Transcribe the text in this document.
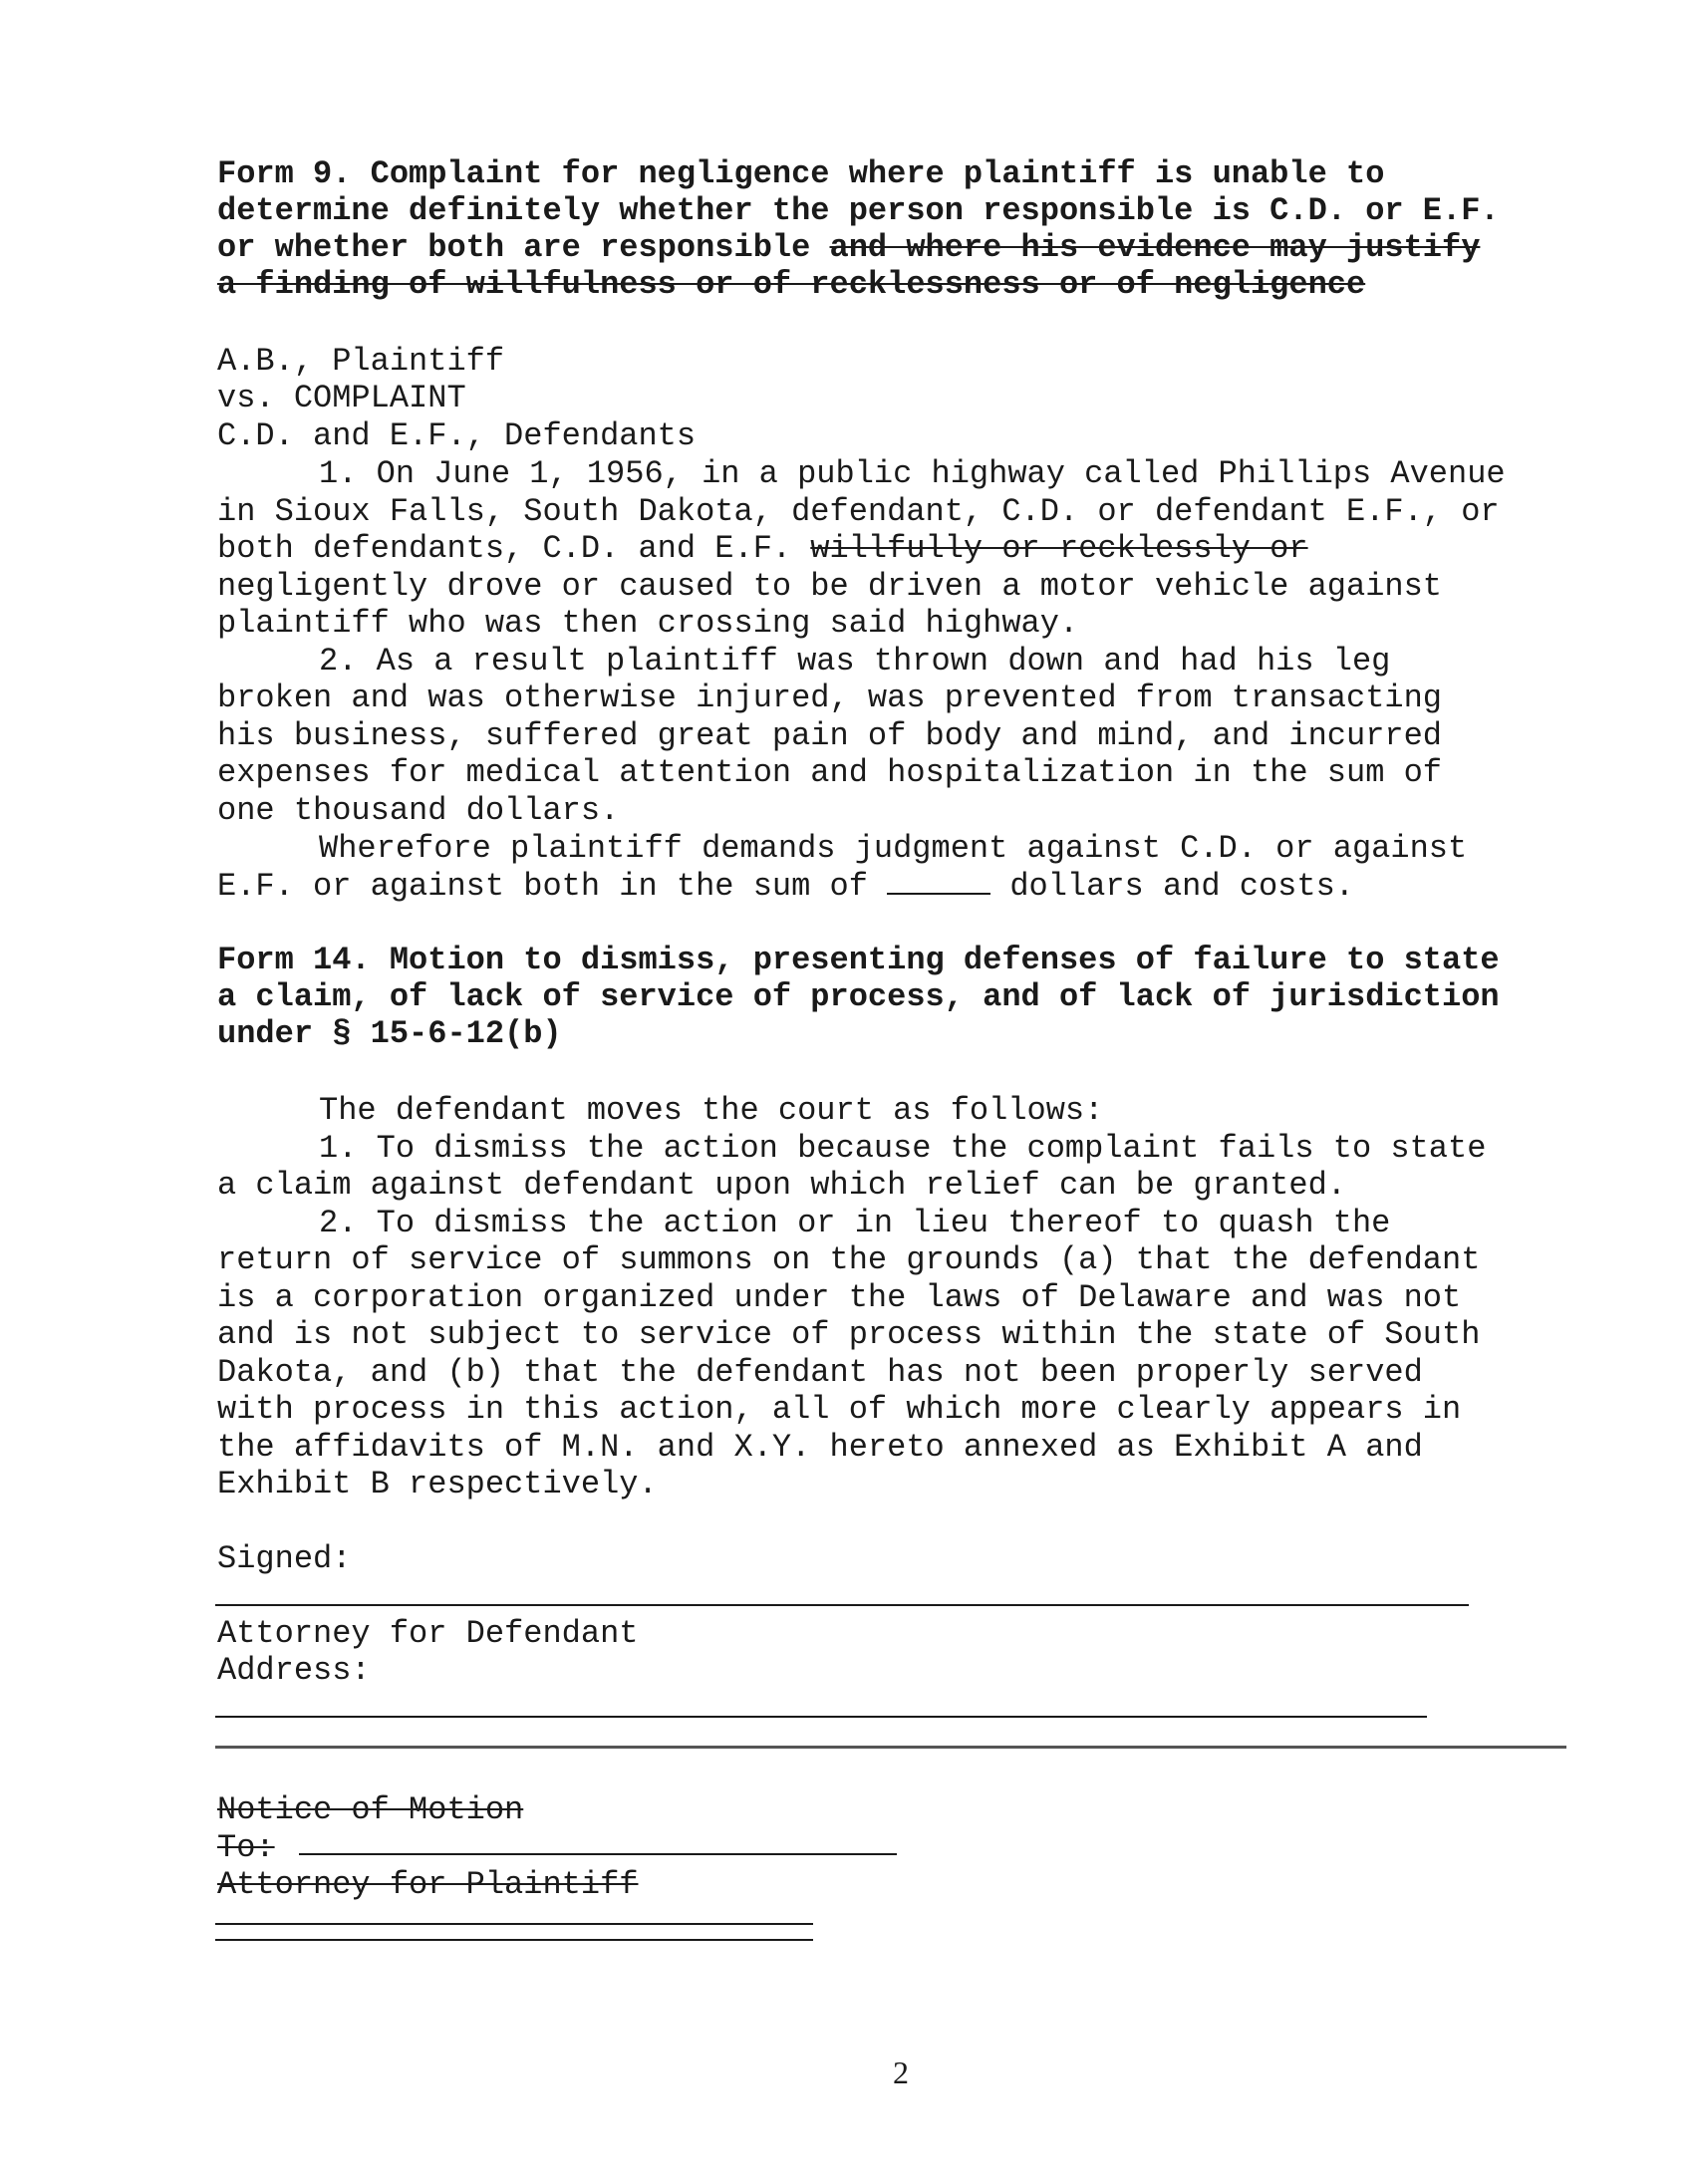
Form 9. Complaint for negligence where plaintiff is unable to

determine definitely whether the person responsible is C.D. or E.F.

or whether both are responsible and where his evidence may justify

a finding of willfulness or of recklessness or of negligence

A.B., Plaintiff

vs. COMPLAINT

C.D. and E.F., Defendants

1. On June 1, 1956, in a public highway called Phillips Avenue

in Sioux Falls, South Dakota, defendant, C.D. or defendant E.F., or

both defendants, C.D. and E.F. willfully or recklessly or

negligently drove or caused to be driven a motor vehicle against

plaintiff who was then crossing said highway.

2. As a result plaintiff was thrown down and had his leg

broken and was otherwise injured, was prevented from transacting

his business, suffered great pain of body and mind, and incurred

expenses for medical attention and hospitalization in the sum of

one thousand dollars.

Wherefore plaintiff demands judgment against C.D. or against

E.F. or against both in the sum of	dollars and costs.

Form 14. Motion to dismiss, presenting defenses of failure to state

a claim, of lack of service of process, and of lack of jurisdiction

under § 15-6-12(b)

The defendant moves the court as follows:

1. To dismiss the action because the complaint fails to state

a claim against defendant upon which relief can be granted.

2. To dismiss the action or in lieu thereof to quash the

return of service of summons on the grounds (a) that the defendant

is a corporation organized under the laws of Delaware and was not

and is not subject to service of process within the state of South

Dakota, and (b) that the defendant has not been properly served

with process in this action, all of which more clearly appears in

the affidavits of M.N. and X.Y. hereto annexed as Exhibit A and

Exhibit B respectively.

Signed:

Attorney for Defendant

Address:

Notice of Motion

To:

Attorney for Plaintiff

2
